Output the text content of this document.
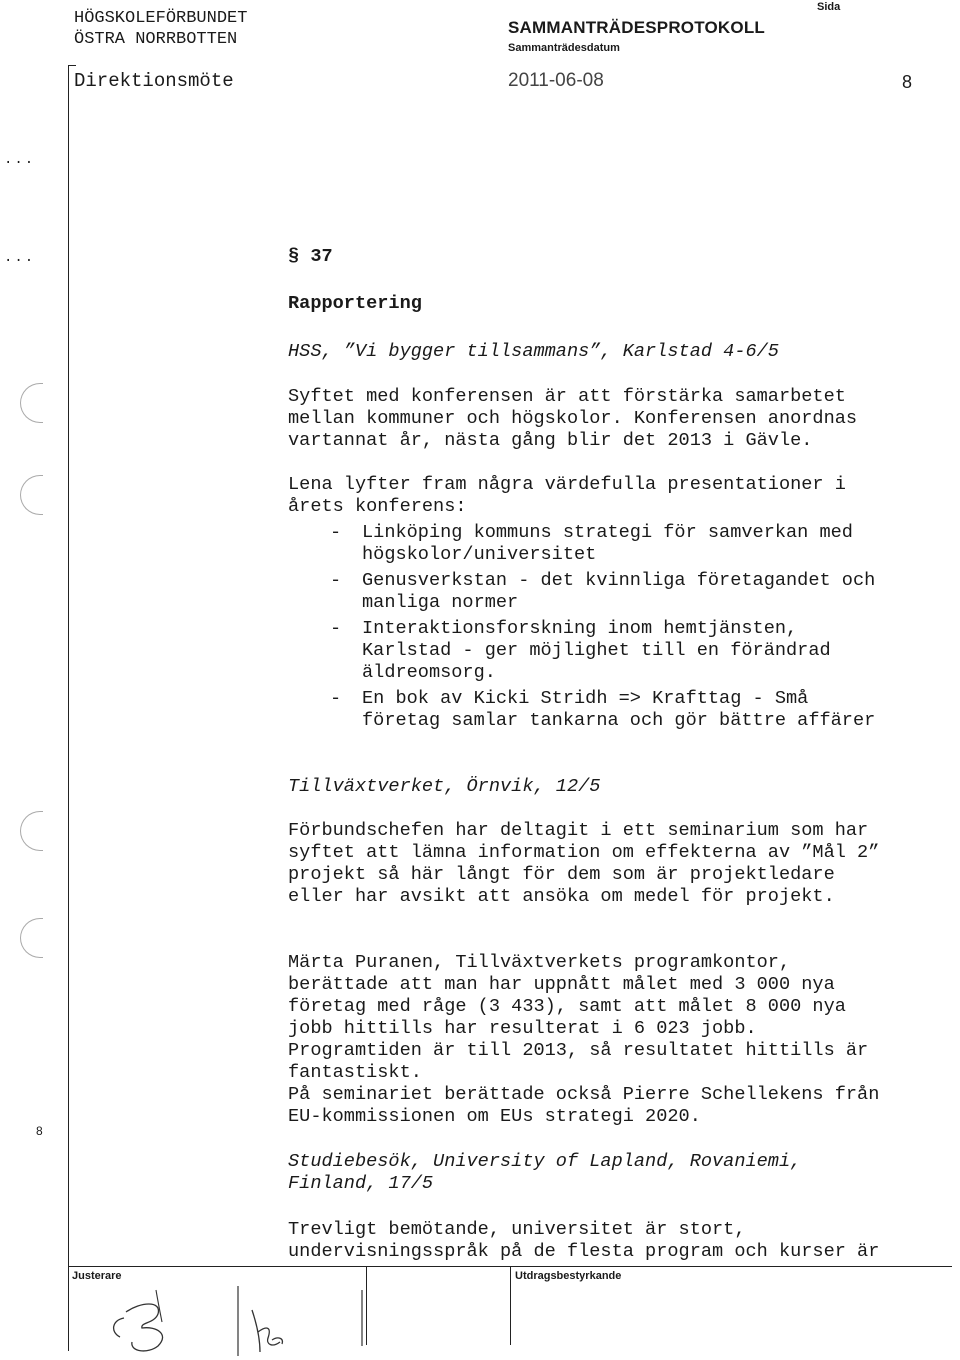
HÖGSKOLEFÖRBUNDET
ÖSTRA NORRBOTTEN
SAMMANTRÄDESPROTOKOLL
Sammanträdesdatum
Sida
Direktionsmöte	2011-06-08	8
...
...
8
§ 37
Rapportering
HSS, ”Vi bygger tillsammans”, Karlstad 4-6/5
Syftet med konferensen är att förstärka samarbetet
mellan kommuner och högskolor. Konferensen anordnas
vartannat år, nästa gång blir det 2013 i Gävle.
Lena lyfter fram några värdefulla presentationer i
årets konferens:
- Linköping kommuns strategi för samverkan med
högskolor/universitet
- Genusverkstan - det kvinnliga företagandet och
manliga normer
- Interaktionsforskning inom hemtjänsten,
Karlstad - ger möjlighet till en förändrad
äldreomsorg.
- En bok av Kicki Stridh => Krafttag - Små
företag samlar tankarna och gör bättre affärer
Tillväxtverket, Örnvik, 12/5
Förbundschefen har deltagit i ett seminarium som har
syftet att lämna information om effekterna av ”Mål 2”
projekt så här långt för dem som är projektledare
eller har avsikt att ansöka om medel för projekt.
Märta Puranen, Tillväxtverkets programkontor,
berättade att man har uppnått målet med 3 000 nya
företag med råge (3 433), samt att målet 8 000 nya
jobb hittills har resulterat i 6 023 jobb.
Programtiden är till 2013, så resultatet hittills är
fantastiskt.
På seminariet berättade också Pierre Schellekens från
EU-kommissionen om EUs strategi 2020.
Studiebesök, University of Lapland, Rovaniemi,
Finland, 17/5
Trevligt bemötande, universitet är stort,
undervisningsspråk på de flesta program och kurser är
Justerare	Utdragsbestyrkande
